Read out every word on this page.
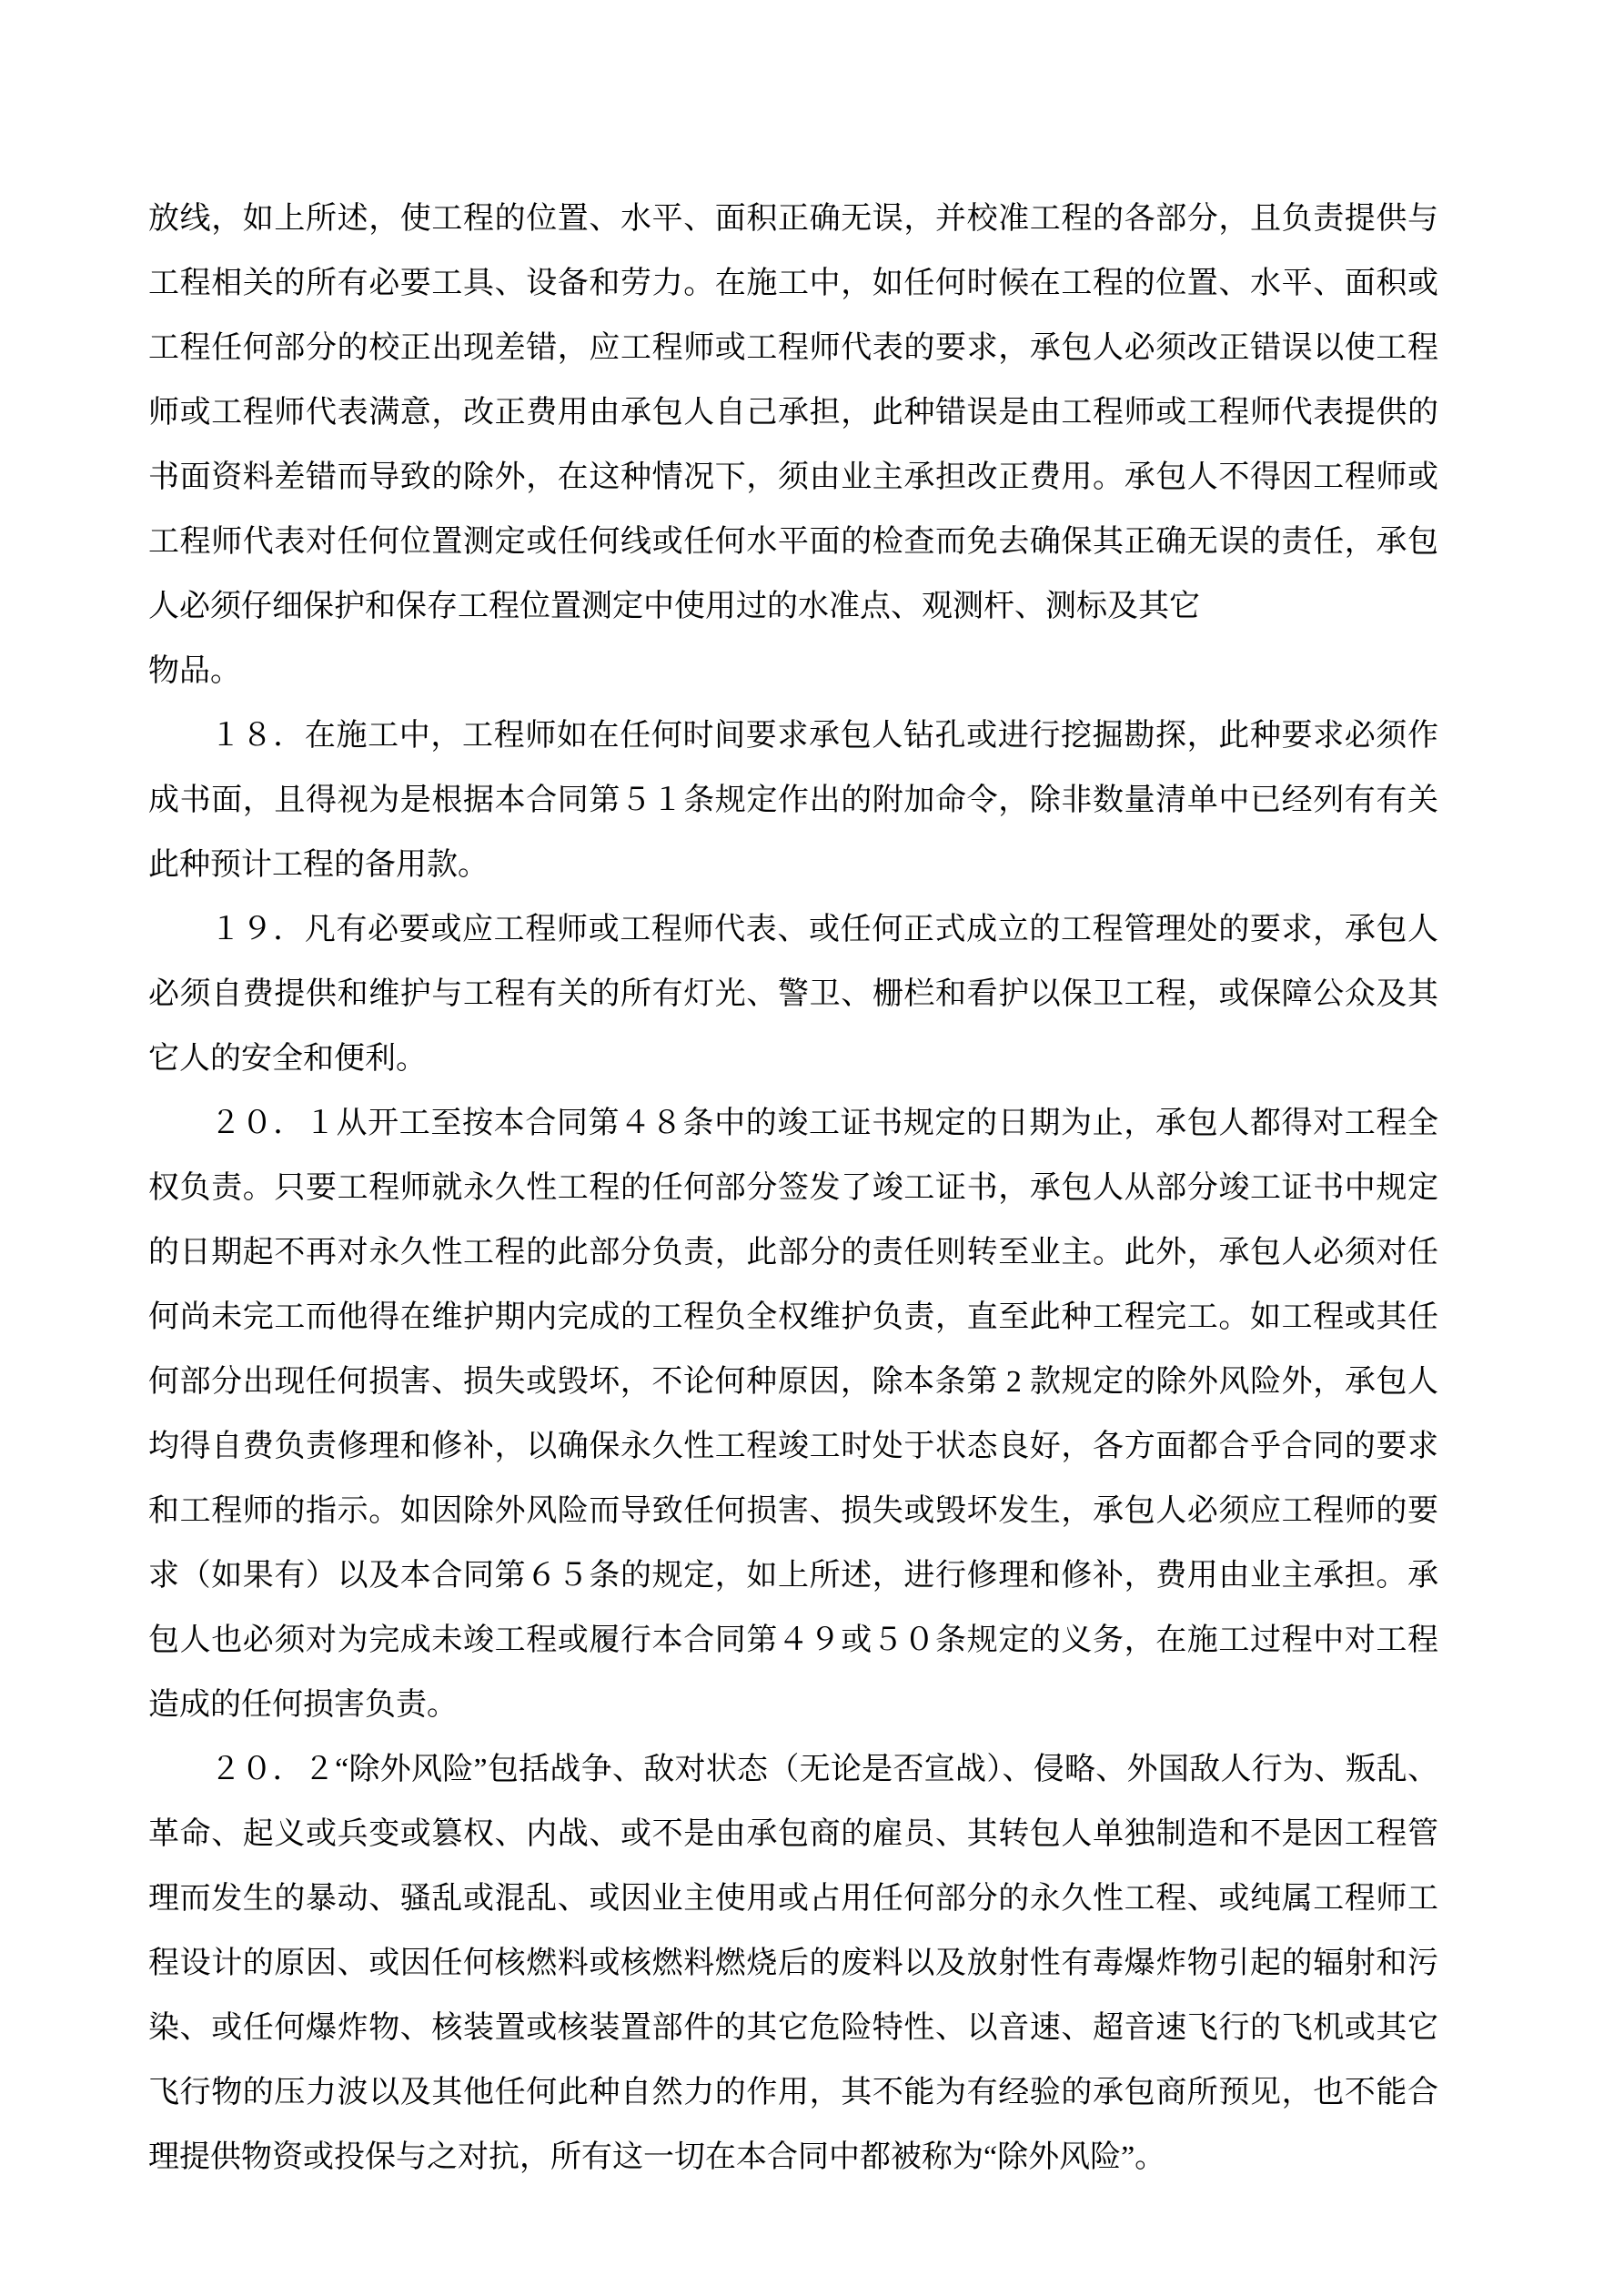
放线，如上所述，使工程的位置、水平、面积正确无误，并校准工程的各部分，且负责提供与工程相关的所有必要工具、设备和劳力。在施工中，如任何时候在工程的位置、水平、面积或工程任何部分的校正出现差错，应工程师或工程师代表的要求，承包人必须改正错误以使工程师或工程师代表满意，改正费用由承包人自己承担，此种错误是由工程师或工程师代表提供的书面资料差错而导致的除外，在这种情况下，须由业主承担改正费用。承包人不得因工程师或工程师代表对任何位置测定或任何线或任何水平面的检查而免去确保其正确无误的责任，承包人必须仔细保护和保存工程位置测定中使用过的水准点、观测杆、测标及其它
物品。
１８．在施工中，工程师如在任何时间要求承包人钻孔或进行挖掘勘探，此种要求必须作成书面，且得视为是根据本合同第５１条规定作出的附加命令，除非数量清单中已经列有有关此种预计工程的备用款。
１９．凡有必要或应工程师或工程师代表、或任何正式成立的工程管理处的要求，承包人必须自费提供和维护与工程有关的所有灯光、警卫、栅栏和看护以保卫工程，或保障公众及其它人的安全和便利。
２０．１从开工至按本合同第４８条中的竣工证书规定的日期为止，承包人都得对工程全权负责。只要工程师就永久性工程的任何部分签发了竣工证书，承包人从部分竣工证书中规定的日期起不再对永久性工程的此部分负责，此部分的责任则转至业主。此外，承包人必须对任何尚未完工而他得在维护期内完成的工程负全权维护负责，直至此种工程完工。如工程或其任何部分出现任何损害、损失或毁坏，不论何种原因，除本条第 2 款规定的除外风险外，承包人均得自费负责修理和修补，以确保永久性工程竣工时处于状态良好，各方面都合乎合同的要求和工程师的指示。如因除外风险而导致任何损害、损失或毁坏发生，承包人必须应工程师的要求（如果有）以及本合同第６５条的规定，如上所述，进行修理和修补，费用由业主承担。承包人也必须对为完成未竣工程或履行本合同第４９或５０条规定的义务，在施工过程中对工程造成的任何损害负责。
２０．２“除外风险”包括战争、敌对状态（无论是否宣战）、侵略、外国敌人行为、叛乱、革命、起义或兵变或篡权、内战、或不是由承包商的雇员、其转包人单独制造和不是因工程管理而发生的暴动、骚乱或混乱、或因业主使用或占用任何部分的永久性工程、或纯属工程师工程设计的原因、或因任何核燃料或核燃料燃烧后的废料以及放射性有毒爆炸物引起的辐射和污染、或任何爆炸物、核装置或核装置部件的其它危险特性、以音速、超音速飞行的飞机或其它飞行物的压力波以及其他任何此种自然力的作用，其不能为有经验的承包商所预见，也不能合理提供物资或投保与之对抗，所有这一切在本合同中都被称为“除外风险”。
